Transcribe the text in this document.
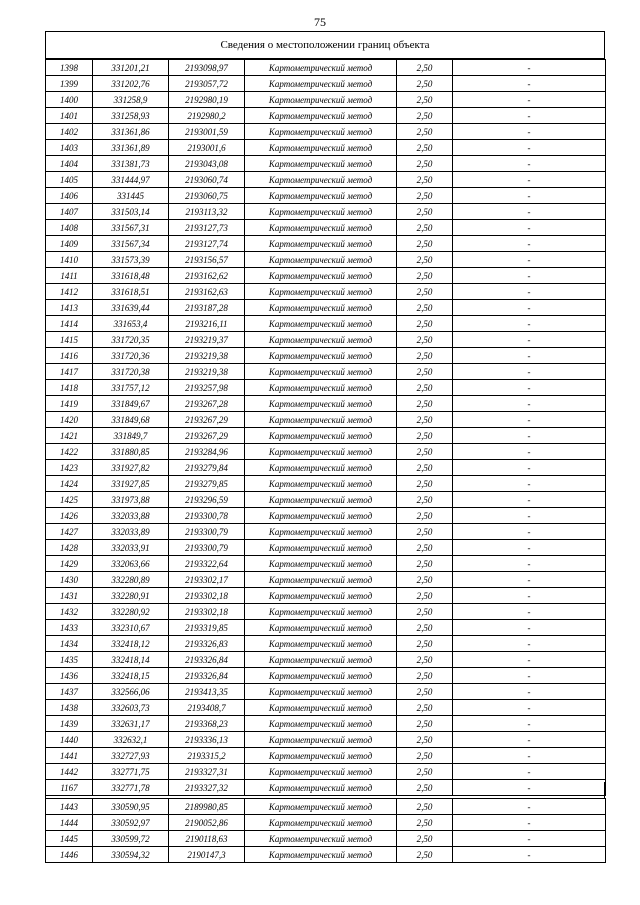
75
Сведения о местоположении границ объекта
1398	331201,21	2193098,97	Картометрический метод	2,50	-
1399	331202,76	2193057,72	Картометрический метод	2,50	-
1400	331258,9	2192980,19	Картометрический метод	2,50	-
1401	331258,93	2192980,2	Картометрический метод	2,50	-
1402	331361,86	2193001,59	Картометрический метод	2,50	-
1403	331361,89	2193001,6	Картометрический метод	2,50	-
1404	331381,73	2193043,08	Картометрический метод	2,50	-
1405	331444,97	2193060,74	Картометрический метод	2,50	-
1406	331445	2193060,75	Картометрический метод	2,50	-
1407	331503,14	2193113,32	Картометрический метод	2,50	-
1408	331567,31	2193127,73	Картометрический метод	2,50	-
1409	331567,34	2193127,74	Картометрический метод	2,50	-
1410	331573,39	2193156,57	Картометрический метод	2,50	-
1411	331618,48	2193162,62	Картометрический метод	2,50	-
1412	331618,51	2193162,63	Картометрический метод	2,50	-
1413	331639,44	2193187,28	Картометрический метод	2,50	-
1414	331653,4	2193216,11	Картометрический метод	2,50	-
1415	331720,35	2193219,37	Картометрический метод	2,50	-
1416	331720,36	2193219,38	Картометрический метод	2,50	-
1417	331720,38	2193219,38	Картометрический метод	2,50	-
1418	331757,12	2193257,98	Картометрический метод	2,50	-
1419	331849,67	2193267,28	Картометрический метод	2,50	-
1420	331849,68	2193267,29	Картометрический метод	2,50	-
1421	331849,7	2193267,29	Картометрический метод	2,50	-
1422	331880,85	2193284,96	Картометрический метод	2,50	-
1423	331927,82	2193279,84	Картометрический метод	2,50	-
1424	331927,85	2193279,85	Картометрический метод	2,50	-
1425	331973,88	2193296,59	Картометрический метод	2,50	-
1426	332033,88	2193300,78	Картометрический метод	2,50	-
1427	332033,89	2193300,79	Картометрический метод	2,50	-
1428	332033,91	2193300,79	Картометрический метод	2,50	-
1429	332063,66	2193322,64	Картометрический метод	2,50	-
1430	332280,89	2193302,17	Картометрический метод	2,50	-
1431	332280,91	2193302,18	Картометрический метод	2,50	-
1432	332280,92	2193302,18	Картометрический метод	2,50	-
1433	332310,67	2193319,85	Картометрический метод	2,50	-
1434	332418,12	2193326,83	Картометрический метод	2,50	-
1435	332418,14	2193326,84	Картометрический метод	2,50	-
1436	332418,15	2193326,84	Картометрический метод	2,50	-
1437	332566,06	2193413,35	Картометрический метод	2,50	-
1438	332603,73	2193408,7	Картометрический метод	2,50	-
1439	332631,17	2193368,23	Картометрический метод	2,50	-
1440	332632,1	2193336,13	Картометрический метод	2,50	-
1441	332727,93	2193315,2	Картометрический метод	2,50	-
1442	332771,75	2193327,31	Картометрический метод	2,50	-
1167	332771,78	2193327,32	Картометрический метод	2,50	-
1443	330590,95	2189980,85	Картометрический метод	2,50	-
1444	330592,97	2190052,86	Картометрический метод	2,50	-
1445	330599,72	2190118,63	Картометрический метод	2,50	-
1446	330594,32	2190147,3	Картометрический метод	2,50	-
